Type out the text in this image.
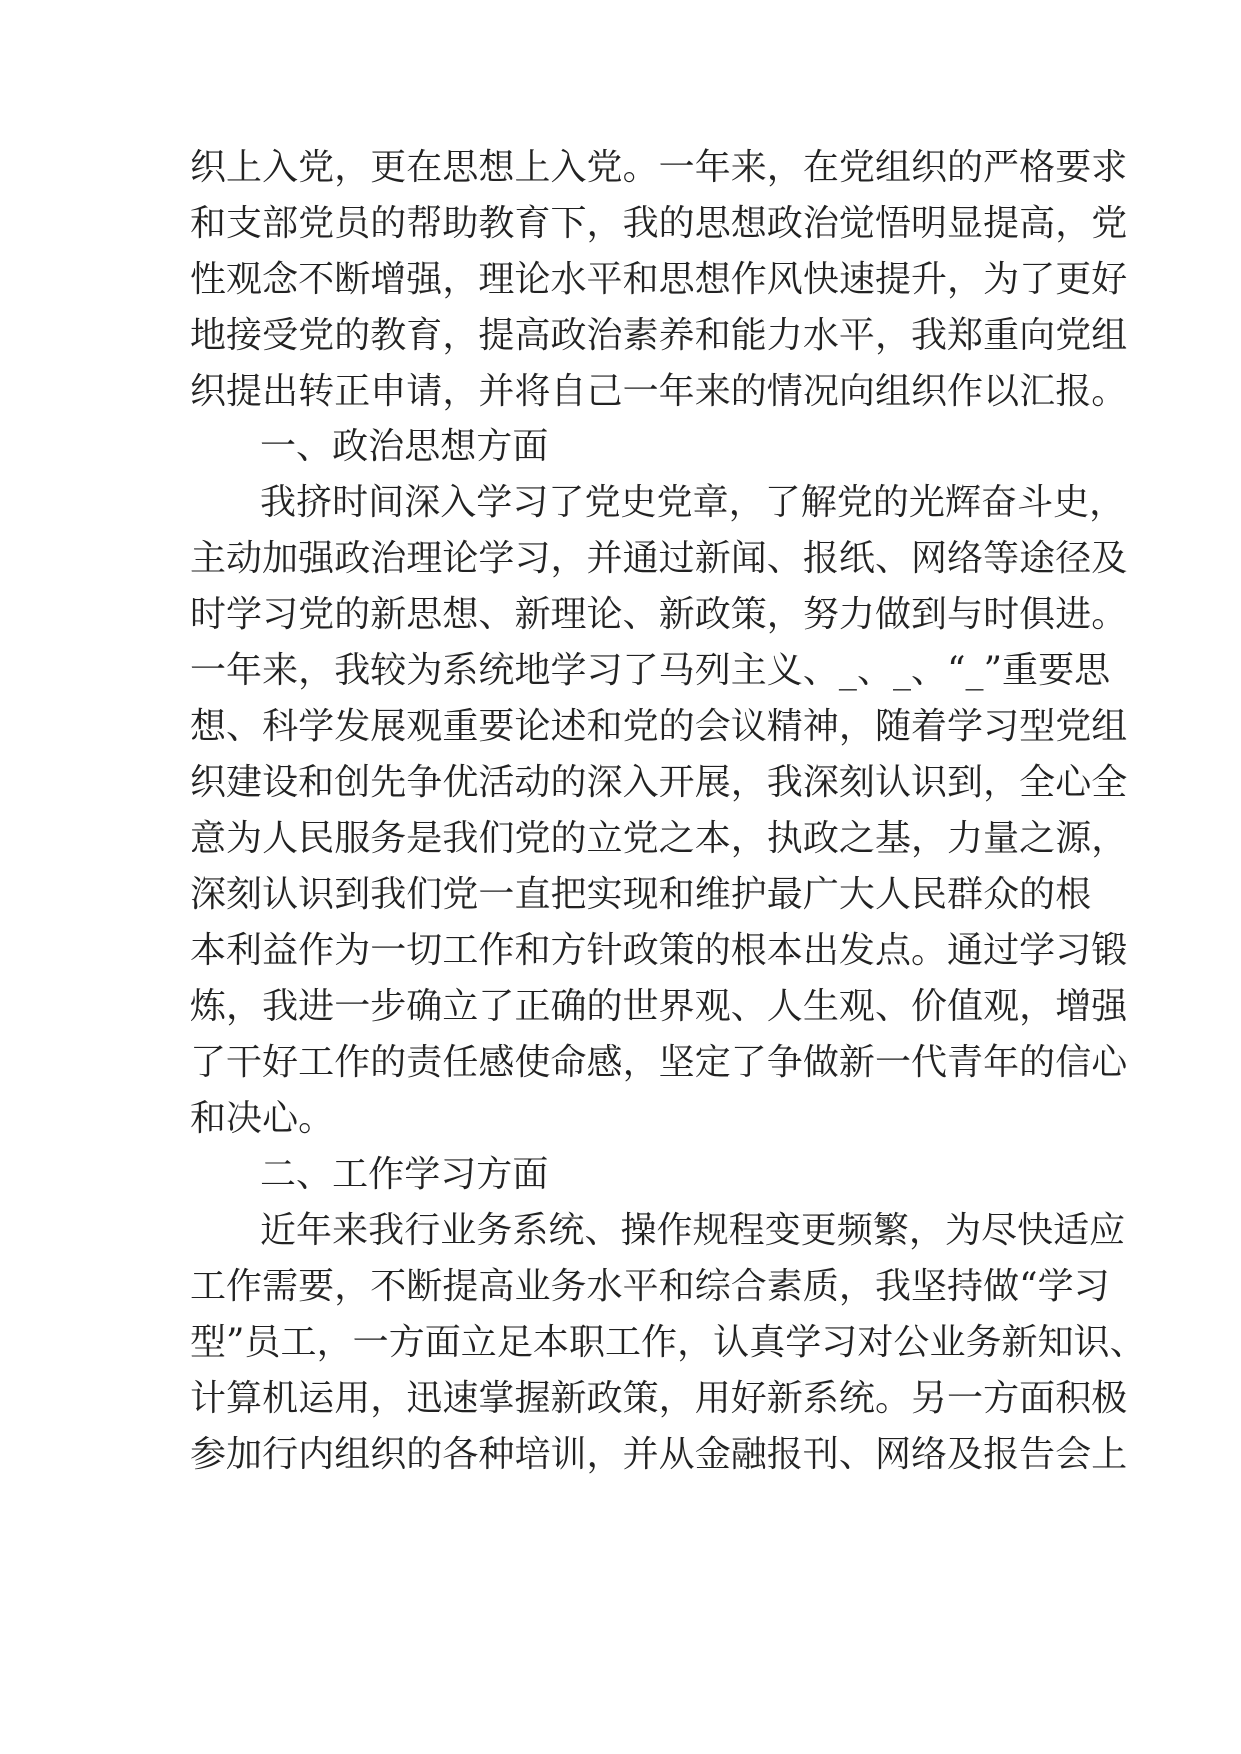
织上入党，更在思想上入党。一年来，在党组织的严格要求
和支部党员的帮助教育下，我的思想政治觉悟明显提高，党
性观念不断增强，理论水平和思想作风快速提升，为了更好
地接受党的教育，提高政治素养和能力水平，我郑重向党组
织提出转正申请，并将自己一年来的情况向组织作以汇报。
一、政治思想方面
我挤时间深入学习了党史党章，了解党的光辉奋斗史，
主动加强政治理论学习，并通过新闻、报纸、网络等途径及
时学习党的新思想、新理论、新政策，努力做到与时俱进。
一年来，我较为系统地学习了马列主义、_、_、“_”重要思
想、科学发展观重要论述和党的会议精神，随着学习型党组
织建设和创先争优活动的深入开展，我深刻认识到，全心全
意为人民服务是我们党的立党之本，执政之基，力量之源，
深刻认识到我们党一直把实现和维护最广大人民群众的根
本利益作为一切工作和方针政策的根本出发点。通过学习锻
炼，我进一步确立了正确的世界观、人生观、价值观，增强
了干好工作的责任感使命感，坚定了争做新一代青年的信心
和决心。
二、工作学习方面
近年来我行业务系统、操作规程变更频繁，为尽快适应
工作需要，不断提高业务水平和综合素质，我坚持做“学习
型”员工，一方面立足本职工作，认真学习对公业务新知识、
计算机运用，迅速掌握新政策，用好新系统。另一方面积极
参加行内组织的各种培训，并从金融报刊、网络及报告会上
